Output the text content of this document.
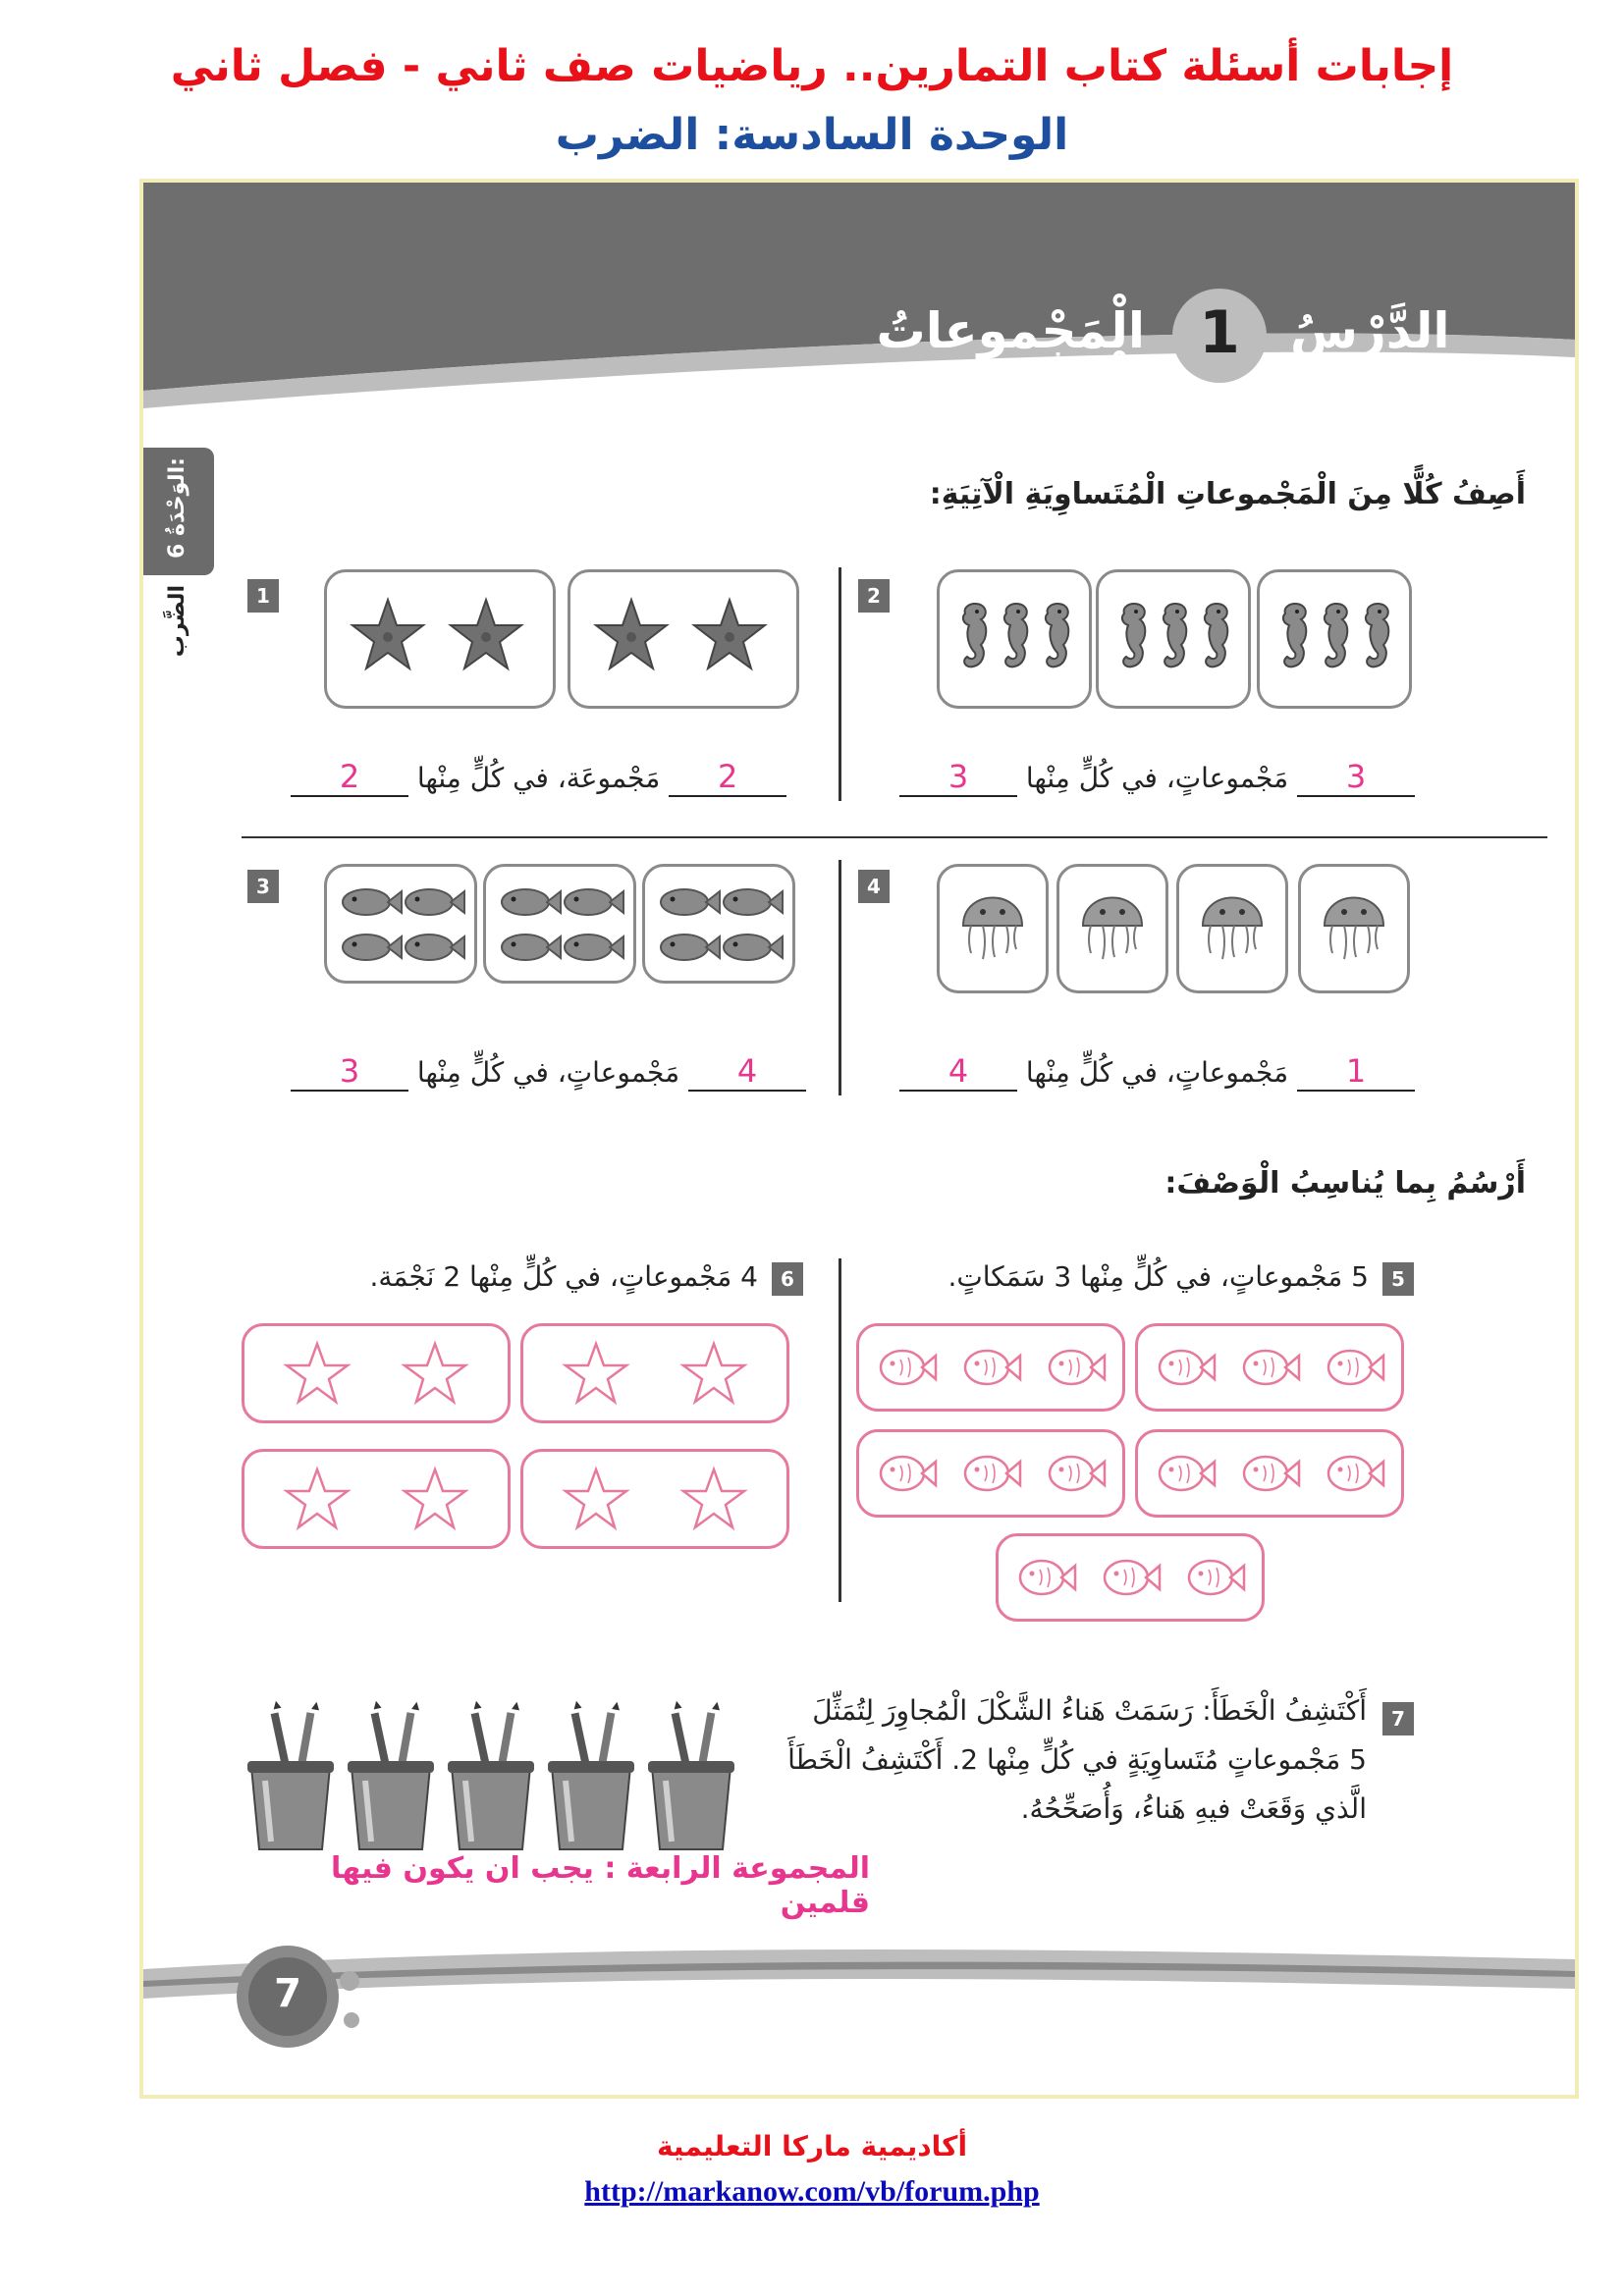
إجابات أسئلة كتاب التمارين.. رياضيات صف ثاني - فصل ثاني
الوحدة السادسة: الضرب
الدَّرْسُ
1
الْمَجْموعاتُ الْمُتَساوِيَةُ
الوَحْدَةُ 6:
الضَّرب
أَصِفُ كُلًّا مِنَ الْمَجْموعاتِ الْمُتَساوِيَةِ الْآتِيَةِ:
1
2 مَجْموعَة، في كُلٍّ مِنْها 2
2
3 مَجْموعاتٍ، في كُلٍّ مِنْها 3
3
4 مَجْموعاتٍ، في كُلٍّ مِنْها 3
4
1 مَجْموعاتٍ، في كُلٍّ مِنْها 4
أَرْسُمُ بِما يُناسِبُ الْوَصْفَ:
5
5 مَجْموعاتٍ، في كُلٍّ مِنْها 3 سَمَكاتٍ.
6
4 مَجْموعاتٍ، في كُلٍّ مِنْها 2 نَجْمَة.
7
أَكْتَشِفُ الْخَطَأَ: رَسَمَتْ هَناءُ الشَّكْلَ الْمُجاوِرَ لِتُمَثِّلَ
5 مَجْموعاتٍ مُتَساوِيَةٍ في كُلٍّ مِنْها 2. أَكْتَشِفُ الْخَطَأَ
الَّذي وَقَعَتْ فيهِ هَناءُ، وَأُصَحِّحُهُ.
المجموعة الرابعة : يجب ان يكون فيها قلمين
7
أكاديمية ماركا التعليمية
http://markanow.com/vb/forum.php
